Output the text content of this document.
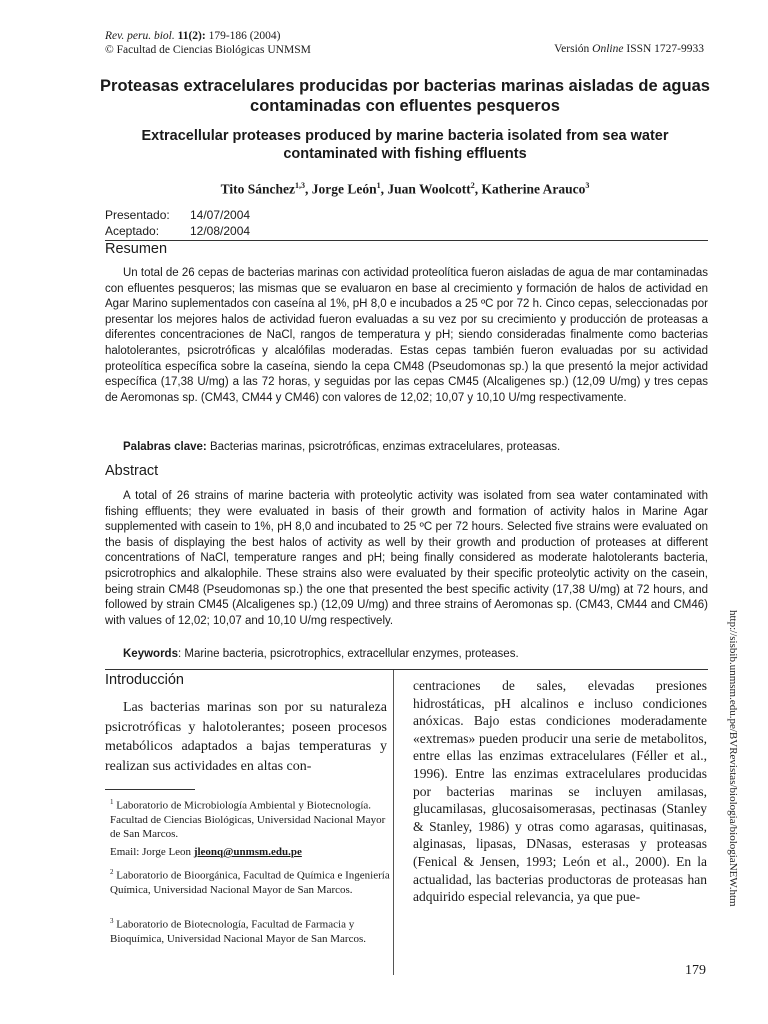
Rev. peru. biol. 11(2): 179-186 (2004)
© Facultad de Ciencias Biológicas UNMSM	Versión Online ISSN 1727-9933
Proteasas extracelulares producidas por bacterias marinas aisladas de aguas contaminadas con efluentes pesqueros
Extracellular proteases produced by marine bacteria isolated from sea water contaminated with fishing effluents
Tito Sánchez$^{1,3}$, Jorge León$^1$, Juan Woolcott$^2$, Katherine Arauco$^3$
Presentado:	14/07/2004
Aceptado:	12/08/2004
Resumen

Un total de 26 cepas de bacterias marinas con actividad proteolítica fueron aisladas de agua de mar contaminadas con efluentes pesqueros; las mismas que se evaluaron en base al crecimiento y formación de halos de actividad en Agar Marino suplementados con caseína al 1%, pH 8,0 e incubados a 25 ºC por 72 h. Cinco cepas, seleccionadas por presentar los mejores halos de actividad fueron evaluadas a su vez por su crecimiento y producción de proteasas a diferentes concentraciones de NaCl, rangos de temperatura y pH; siendo consideradas finalmente como bacterias halotolerantes, psicrotróficas y alcalófilas moderadas. Estas cepas también fueron evaluadas por su actividad proteolítica específica sobre la caseína, siendo la cepa CM48 (Pseudomonas sp.) la que presentó la mejor actividad específica (17,38 U/mg) a las 72 horas, y seguidas por las cepas CM45 (Alcaligenes sp.) (12,09 U/mg) y tres cepas de Aeromonas sp. (CM43, CM44 y CM46) con valores de 12,02; 10,07 y 10,10 U/mg respectivamente.

Palabras clave: Bacterias marinas, psicrotróficas, enzimas extracelulares, proteasas.
Abstract

A total of 26 strains of marine bacteria with proteolytic activity was isolated from sea water contaminated with fishing effluents; they were evaluated in basis of their growth and formation of activity halos in Marine Agar supplemented with casein to 1%, pH 8,0 and incubated to 25 ºC per 72 hours. Selected five strains were evaluated on the basis of displaying the best halos of activity as well by their growth and production of proteases at different concentrations of NaCl, temperature ranges and pH; being finally considered as moderate halotolerants bacteria, psicrotrophics and alkalophile. These strains also were evaluated by their specific proteolytic activity on the casein, being strain CM48 (Pseudomonas sp.) the one that presented the best specific activity (17,38 U/mg) at 72 hours, and followed by strain CM45 (Alcaligenes sp.) (12,09 U/mg) and three strains of Aeromonas sp. (CM43, CM44 and CM46) with values of 12,02; 10,07 and 10,10 U/mg respectively.

Keywords: Marine bacteria, psicrotrophics, extracellular enzymes, proteases.
Introducción

Las bacterias marinas son por su naturaleza psicrotróficas y halotolerantes; poseen procesos metabólicos adaptados a bajas temperaturas y realizan sus actividades en altas con-

centraciones de sales, elevadas presiones hidrostáticas, pH alcalinos e incluso condiciones anóxicas. Bajo estas condiciones moderadamente «extremas» pueden producir una serie de metabolitos, entre ellas las enzimas extracelulares (Féller et al., 1996). Entre las enzimas extracelulares producidas por bacterias marinas se incluyen amilasas, glucamilasas, glucosaisomerasas, pectinasas (Stanley & Stanley, 1986) y otras como agarasas, quitinasas, alginasas, lipasas, DNasas, esterasas y proteasas (Fenical & Jensen, 1993; León et al., 2000). En la actualidad, las bacterias productoras de proteasas han adquirido especial relevancia, ya que pue-

$^1$ Laboratorio de Microbiología Ambiental y Biotecnología. Facultad de Ciencias Biológicas, Universidad Nacional Mayor de San Marcos.
Email: Jorge Leon jleonq@unmsm.edu.pe
$^2$ Laboratorio de Bioorgánica, Facultad de Química e Ingeniería Química, Universidad Nacional Mayor de San Marcos.
$^3$ Laboratorio de Biotecnología, Facultad de Farmacia y Bioquímica, Universidad Nacional Mayor de San Marcos.
http://sisbib.unmsm.edu.pe/BVRevistas/biologia/biologiaNEW.htm
179
